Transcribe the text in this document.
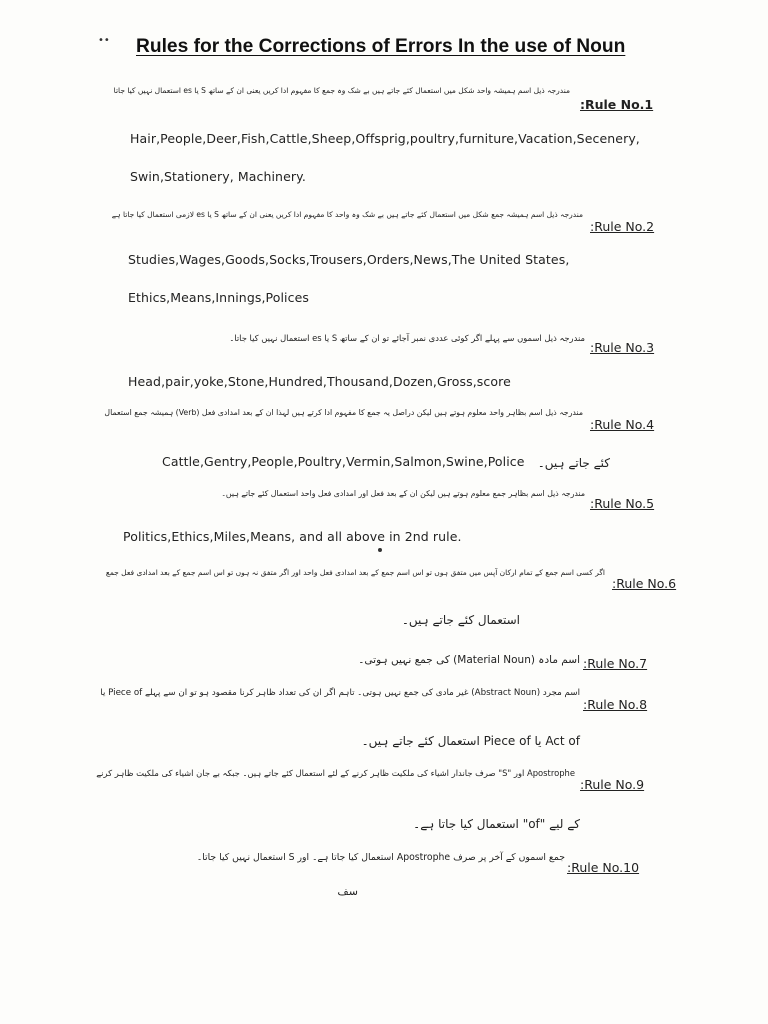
•• Rules for the Corrections of Errors In the use of Noun
مندرجہ ذیل اسم ہمیشہ واحد شکل میں استعمال کئے جاتے ہیں بے شک وہ جمع کا مفہوم ادا کریں یعنی ان کے ساتھ S یا es استعمال نہیں کیا جاتا
:Rule No.1
Hair,People,Deer,Fish,Cattle,Sheep,Offsprig,poultry,furniture,Vacation,Secenery,
Swin,Stationery, Machinery.
مندرجہ ذیل اسم ہمیشہ جمع شکل میں استعمال کئے جاتے ہیں بے شک وہ واحد کا مفہوم ادا کریں یعنی ان کے ساتھ S یا es لازمی استعمال کیا جاتا ہے
:Rule No.2
Studies,Wages,Goods,Socks,Trousers,Orders,News,The United States,
Ethics,Means,Innings,Polices
مندرجہ ذیل اسموں سے پہلے اگر کوئی عددی نمبر آجائے تو ان کے ساتھ S یا es استعمال نہیں کیا جاتا۔
:Rule No.3
Head,pair,yoke,Stone,Hundred,Thousand,Dozen,Gross,score
مندرجہ ذیل اسم بظاہر واحد معلوم ہوتے ہیں لیکن دراصل یہ جمع کا مفہوم ادا کرتے ہیں لہذا ان کے بعد امدادی فعل (Verb) ہمیشہ جمع استعمال
:Rule No.4
Cattle,Gentry,People,Poultry,Vermin,Salmon,Swine,Police	کئے جاتے ہیں۔
مندرجہ ذیل اسم بظاہر جمع معلوم ہوتے ہیں لیکن ان کے بعد فعل اور امدادی فعل واحد استعمال کئے جاتے ہیں۔
:Rule No.5
Politics,Ethics,Miles,Means, and all above in 2nd rule.
اگر کسی اسم جمع کے تمام ارکان آپس میں متفق ہوں تو اس اسم جمع کے بعد امدادی فعل واحد اور اگر متفق نہ ہوں تو اس اسم جمع کے بعد امدادی فعل جمع
:Rule No.6
استعمال کئے جاتے ہیں۔
اسم مادہ (Material Noun) کی جمع نہیں ہوتی۔ :Rule No.7
اسم مجرد (Abstract Noun) غیر مادی کی جمع نہیں ہوتی۔ تاہم اگر ان کی تعداد ظاہر کرنا مقصود ہو تو ان سے پہلے Piece of یا
:Rule No.8
Act of یا Piece of استعمال کئے جاتے ہیں۔
Apostrophe اور "S" صرف جاندار اشیاء کی ملکیت ظاہر کرنے کے لئے استعمال کئے جاتے ہیں۔ جبکہ بے جان اشیاء کی ملکیت ظاہر کرنے
:Rule No.9
کے لیے "of" استعمال کیا جاتا ہے۔
جمع اسموں کے آخر پر صرف Apostrophe استعمال کیا جاتا ہے۔ اور S استعمال نہیں کیا جاتا۔
:Rule No.10
سف
